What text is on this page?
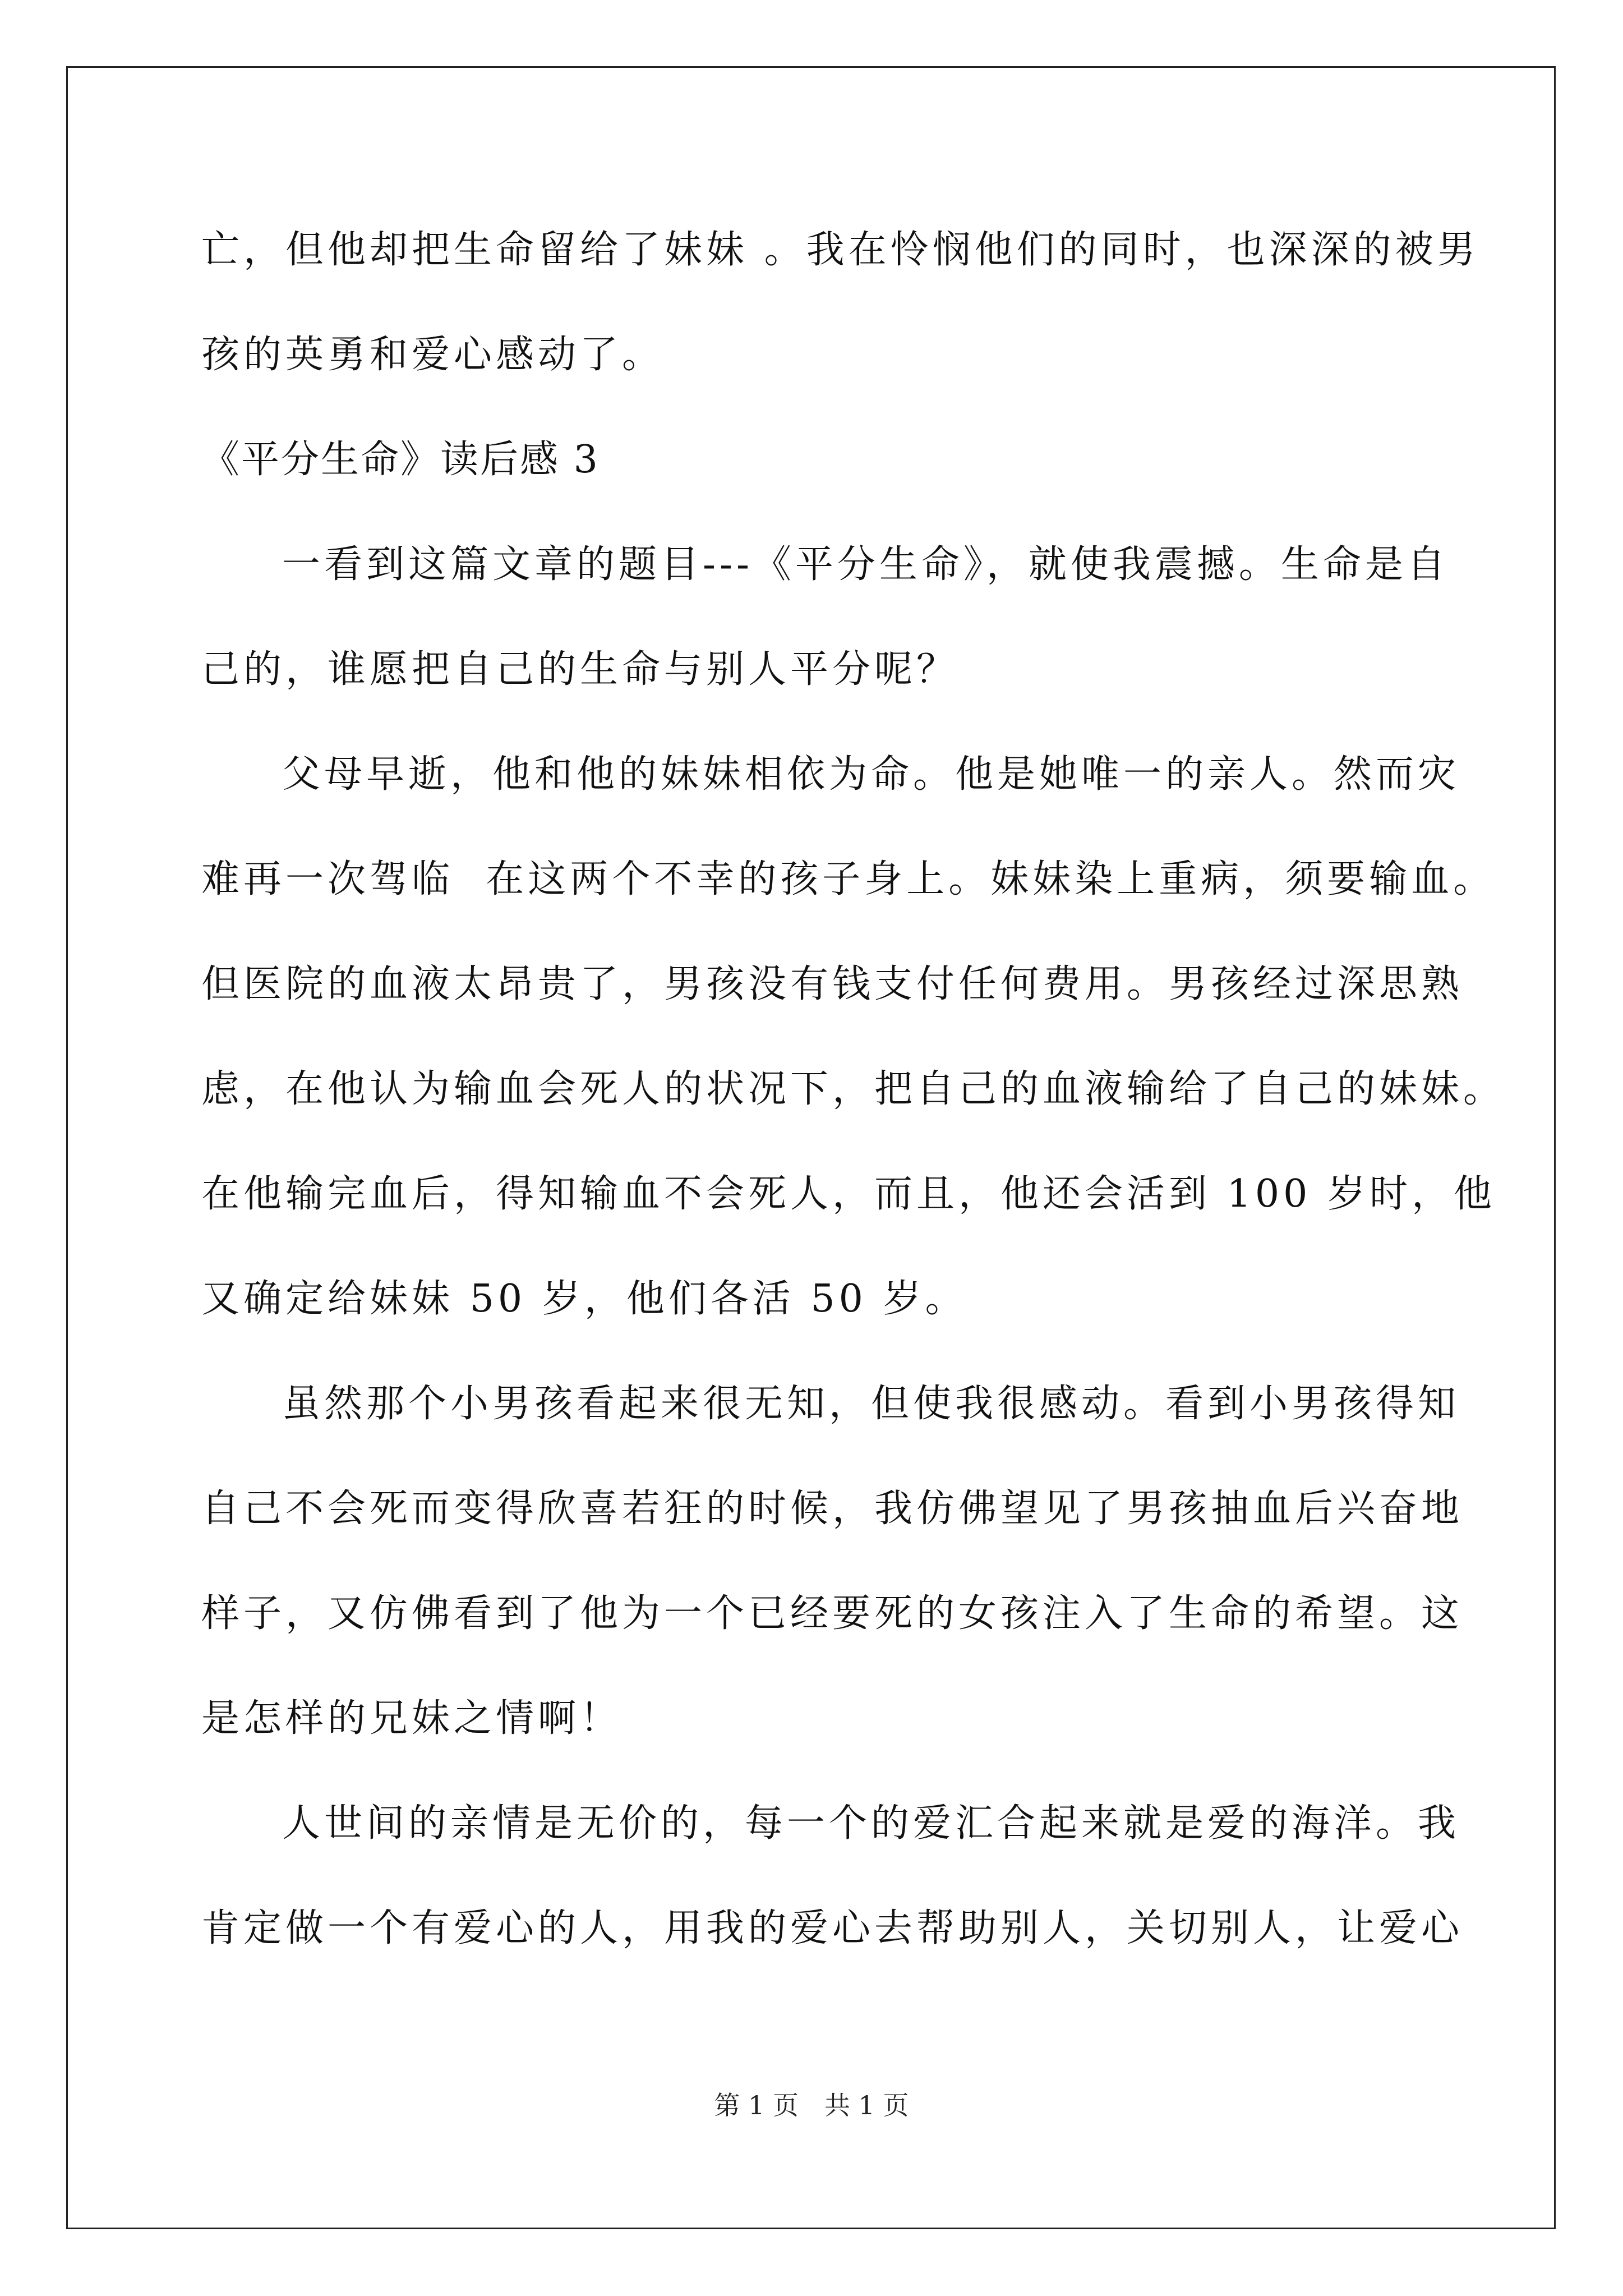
亡，但他却把生命留给了妹妹 。我在怜悯他们的同时，也深深的被男
孩的英勇和爱心感动了。
《平分生命》读后感 3
一看到这篇文章的题目---《平分生命》，就使我震撼。生命是自
己的，谁愿把自己的生命与别人平分呢？
父母早逝，他和他的妹妹相依为命。他是她唯一的亲人。然而灾
难再一次驾临  在这两个不幸的孩子身上。妹妹染上重病，须要输血。
但医院的血液太昂贵了，男孩没有钱支付任何费用。男孩经过深思熟
虑，在他认为输血会死人的状况下，把自己的血液输给了自己的妹妹。
在他输完血后，得知输血不会死人，而且，他还会活到 100 岁时，他
又确定给妹妹 50 岁，他们各活 50 岁。
虽然那个小男孩看起来很无知，但使我很感动。看到小男孩得知
自己不会死而变得欣喜若狂的时候，我仿佛望见了男孩抽血后兴奋地
样子，又仿佛看到了他为一个已经要死的女孩注入了生命的希望。这
是怎样的兄妹之情啊！
人世间的亲情是无价的，每一个的爱汇合起来就是爱的海洋。我
肯定做一个有爱心的人，用我的爱心去帮助别人，关切别人，让爱心
第 1 页　共 1 页
